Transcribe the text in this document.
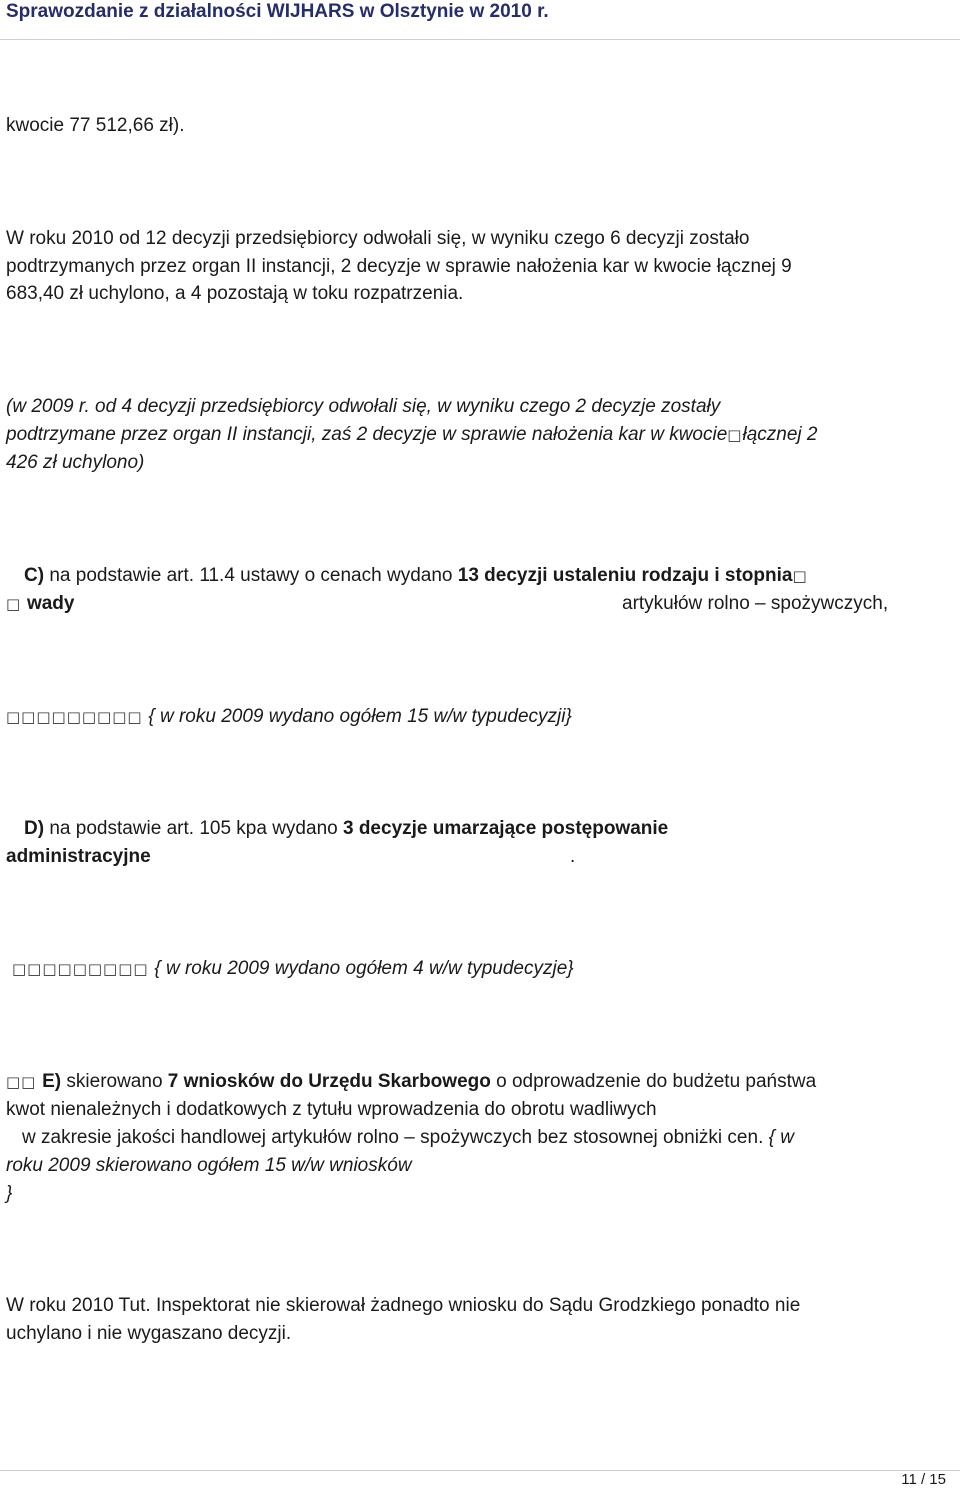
Sprawozdanie z działalności WIJHARS w Olsztynie w 2010 r.

kwocie 77 512,66 zł).

W roku 2010 od 12 decyzji przedsiębiorcy odwołali się, w wyniku czego 6 decyzji zostało

podtrzymanych przez organ II instancji, 2 decyzje w sprawie nałożenia kar w kwocie łącznej 9

683,40 zł uchylono, a 4 pozostają w toku rozpatrzenia.

(w 2009 r. od 4 decyzji przedsiębiorcy odwołali się, w wyniku czego 2 decyzje zostały

podtrzymane przez organ II instancji, zaś 2 decyzje w sprawie nałożenia kar w kwocie□łącznej 2

426 zł uchylono)

C) na podstawie art. 11.4 ustawy o cenach wydano 13 decyzji ustaleniu rodzaju i stopnia□

□ wady	artykułów rolno – spożywczych,

□□□□□□□□□ { w roku 2009 wydano ogółem 15 w/w typudecyzji}

D) na podstawie art. 105 kpa wydano 3 decyzje umarzające postępowanie

administracyjne	.

□□□□□□□□□ { w roku 2009 wydano ogółem 4 w/w typudecyzje}

□□ E) skierowano 7 wniosków do Urzędu Skarbowego o odprowadzenie do budżetu państwa

kwot nienależnych i dodatkowych z tytułu wprowadzenia do obrotu wadliwych

w zakresie jakości handlowej artykułów rolno – spożywczych bez stosownej obniżki cen. { w

roku 2009 skierowano ogółem 15 w/w wniosków

}

W roku 2010 Tut. Inspektorat nie skierował żadnego wniosku do Sądu Grodzkiego ponadto nie

uchylano i nie wygaszano decyzji.

11 / 15
